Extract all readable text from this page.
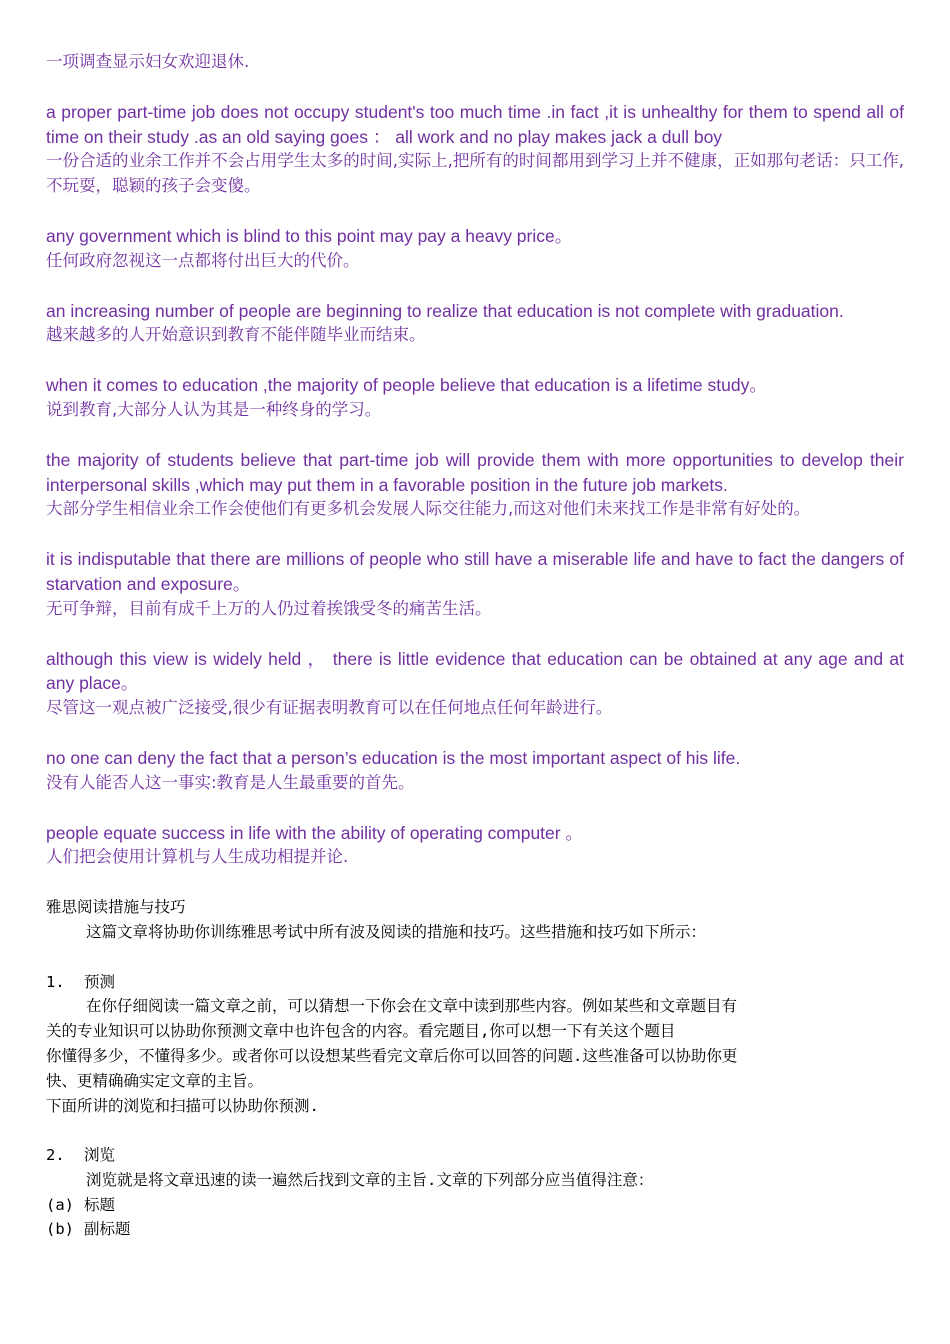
一项调查显示妇女欢迎退休.
a proper part-time job does not occupy student's too much time .in fact ,it is unhealthy for them to spend all of time on their study .as an old saying goes ： all work and no play makes jack a dull boy
一份合适的业余工作并不会占用学生太多的时间,实际上,把所有的时间都用到学习上并不健康，正如那句老话：只工作,不玩耍，聪颖的孩子会变傻。
any government which is blind to this point may pay a heavy price。
任何政府忽视这一点都将付出巨大的代价。
an increasing number of people are beginning to realize that education is not complete with graduation.
越来越多的人开始意识到教育不能伴随毕业而结束。
when it comes to education ,the majority of people believe that education is a lifetime study。
说到教育,大部分人认为其是一种终身的学习。
the majority of students believe that part-time job will provide them with more opportunities to develop their interpersonal skills ,which may put them in a favorable position in the future job markets.
大部分学生相信业余工作会使他们有更多机会发展人际交往能力,而这对他们未来找工作是非常有好处的。
it is indisputable that there are millions of people who still have a miserable life and have to fact the dangers of starvation and exposure。
无可争辩，目前有成千上万的人仍过着挨饿受冬的痛苦生活。
although this view is widely held ， there is little evidence that education can be obtained at any age and at any place。
尽管这一观点被广泛接受,很少有证据表明教育可以在任何地点任何年龄进行。
no one can deny the fact that a person’s education is the most important aspect of his life.
没有人能否人这一事实:教育是人生最重要的首先。
people equate success in life with the ability of operating computer 。
人们把会使用计算机与人生成功相提并论.
雅思阅读措施与技巧
这篇文章将协助你训练雅思考试中所有波及阅读的措施和技巧。这些措施和技巧如下所示：
1. 预测
在你仔细阅读一篇文章之前，可以猜想一下你会在文章中读到那些内容。例如某些和文章题目有
关的专业知识可以协助你预测文章中也许包含的内容。看完题目,你可以想一下有关这个题目
你懂得多少，不懂得多少。或者你可以设想某些看完文章后你可以回答的问题.这些准备可以协助你更
快、更精确确实定文章的主旨。
下面所讲的浏览和扫描可以协助你预测.
2. 浏览
浏览就是将文章迅速的读一遍然后找到文章的主旨.文章的下列部分应当值得注意：
(a) 标题
(b) 副标题
